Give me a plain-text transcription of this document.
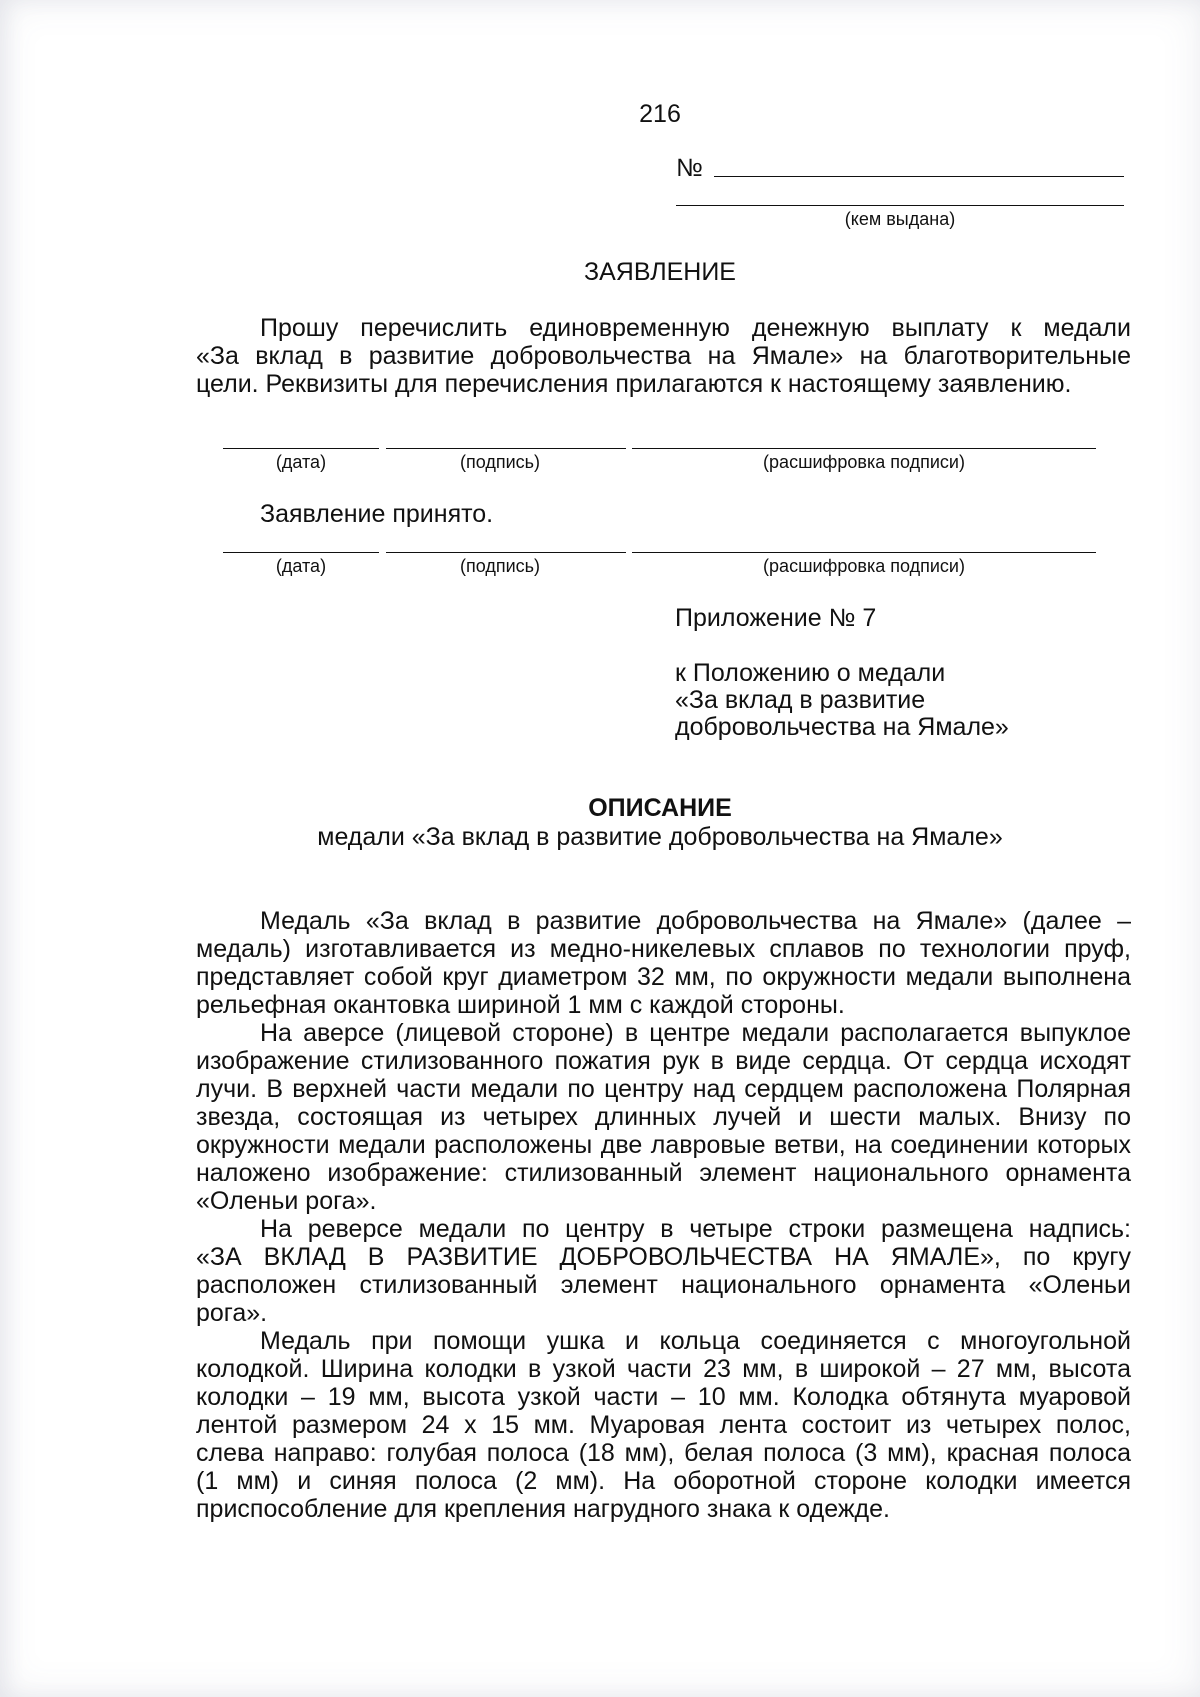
216
№
(кем выдана)
ЗАЯВЛЕНИЕ
Прошу перечислить единовременную денежную выплату к медали
«За вклад в развитие добровольчества на Ямале» на благотворительные
цели. Реквизиты для перечисления прилагаются к настоящему заявлению.
(дата)	(подпись)	(расшифровка подписи)
Заявление принято.
(дата)	(подпись)	(расшифровка подписи)
Приложение № 7
к Положению о медали
«За вклад в развитие
добровольчества на Ямале»
ОПИСАНИЕ
медали «За вклад в развитие добровольчества на Ямале»
Медаль «За вклад в развитие добровольчества на Ямале» (далее –
медаль) изготавливается из медно-никелевых сплавов по технологии пруф,
представляет собой круг диаметром 32 мм, по окружности медали выполнена
рельефная окантовка шириной 1 мм с каждой стороны.
На аверсе (лицевой стороне) в центре медали располагается выпуклое
изображение стилизованного пожатия рук в виде сердца. От сердца исходят
лучи. В верхней части медали по центру над сердцем расположена Полярная
звезда, состоящая из четырех длинных лучей и шести малых. Внизу по
окружности медали расположены две лавровые ветви, на соединении которых
наложено изображение: стилизованный элемент национального орнамента
«Оленьи рога».
На реверсе медали по центру в четыре строки размещена надпись:
«ЗА ВКЛАД В РАЗВИТИЕ ДОБРОВОЛЬЧЕСТВА НА ЯМАЛЕ», по кругу
расположен стилизованный элемент национального орнамента «Оленьи
рога».
Медаль при помощи ушка и кольца соединяется с многоугольной
колодкой. Ширина колодки в узкой части 23 мм, в широкой – 27 мм, высота
колодки – 19 мм, высота узкой части – 10 мм. Колодка обтянута муаровой
лентой размером 24 х 15 мм. Муаровая лента состоит из четырех полос,
слева направо: голубая полоса (18 мм), белая полоса (3 мм), красная полоса
(1 мм) и синяя полоса (2 мм). На оборотной стороне колодки имеется
приспособление для крепления нагрудного знака к одежде.
